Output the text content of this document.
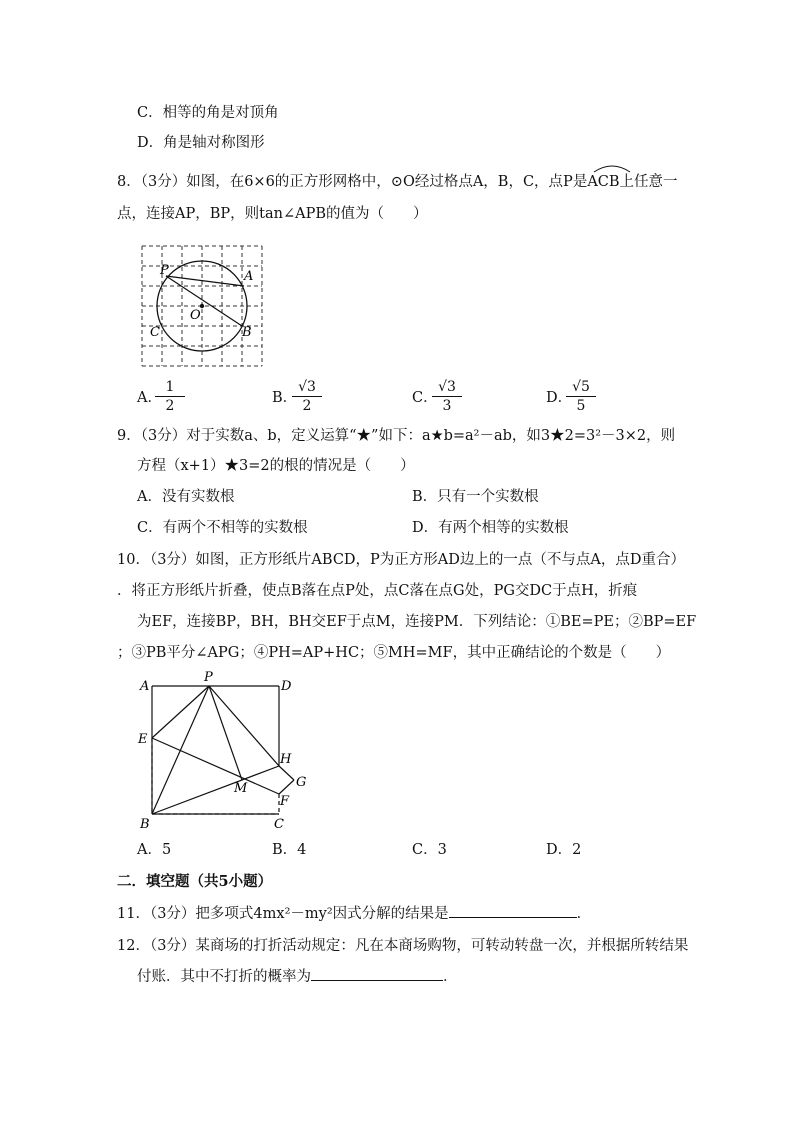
C．相等的角是对顶角
D．角是轴对称图形
8．（3分）如图，在6×6的正方形网格中，⊙O经过格点A，B，C，点P是ACB上任意一
点，连接AP，BP，则tan∠APB的值为（　　）
P	A
O
C	B
A．
$\frac{1}{2}$	B．
$\frac{√3}{2}$	C．
$\frac{√3}{3}$	D．
$\frac{√5}{5}$
9．（3分）对于实数a、b，定义运算“★”如下：a★b=a²－ab，如3★2=3²－3×2，则
方程（x+1）★3=2的根的情况是（　　）
A．没有实数根	B．只有一个实数根
C．有两个不相等的实数根	D．有两个相等的实数根
10．（3分）如图，正方形纸片ABCD，P为正方形AD边上的一点（不与点A，点D重合）
．将正方形纸片折叠，使点B落在点P处，点C落在点G处，PG交DC于点H，折痕
为EF，连接BP，BH，BH交EF于点M，连接PM．下列结论：①BE=PE；②BP=EF
；③PB平分∠APG；④PH=AP+HC；⑤MH=MF，其中正确结论的个数是（　　）
A
P
D
E
H
G
M
F
B	C
A．5	B．4	C．3	D．2
二．填空题（共5小题）
11．（3分）把多项式4mx²－my²因式分解的结果是	．
12．（3分）某商场的打折活动规定：凡在本商场购物，可转动转盘一次，并根据所转结果
付账．其中不打折的概率为	．
